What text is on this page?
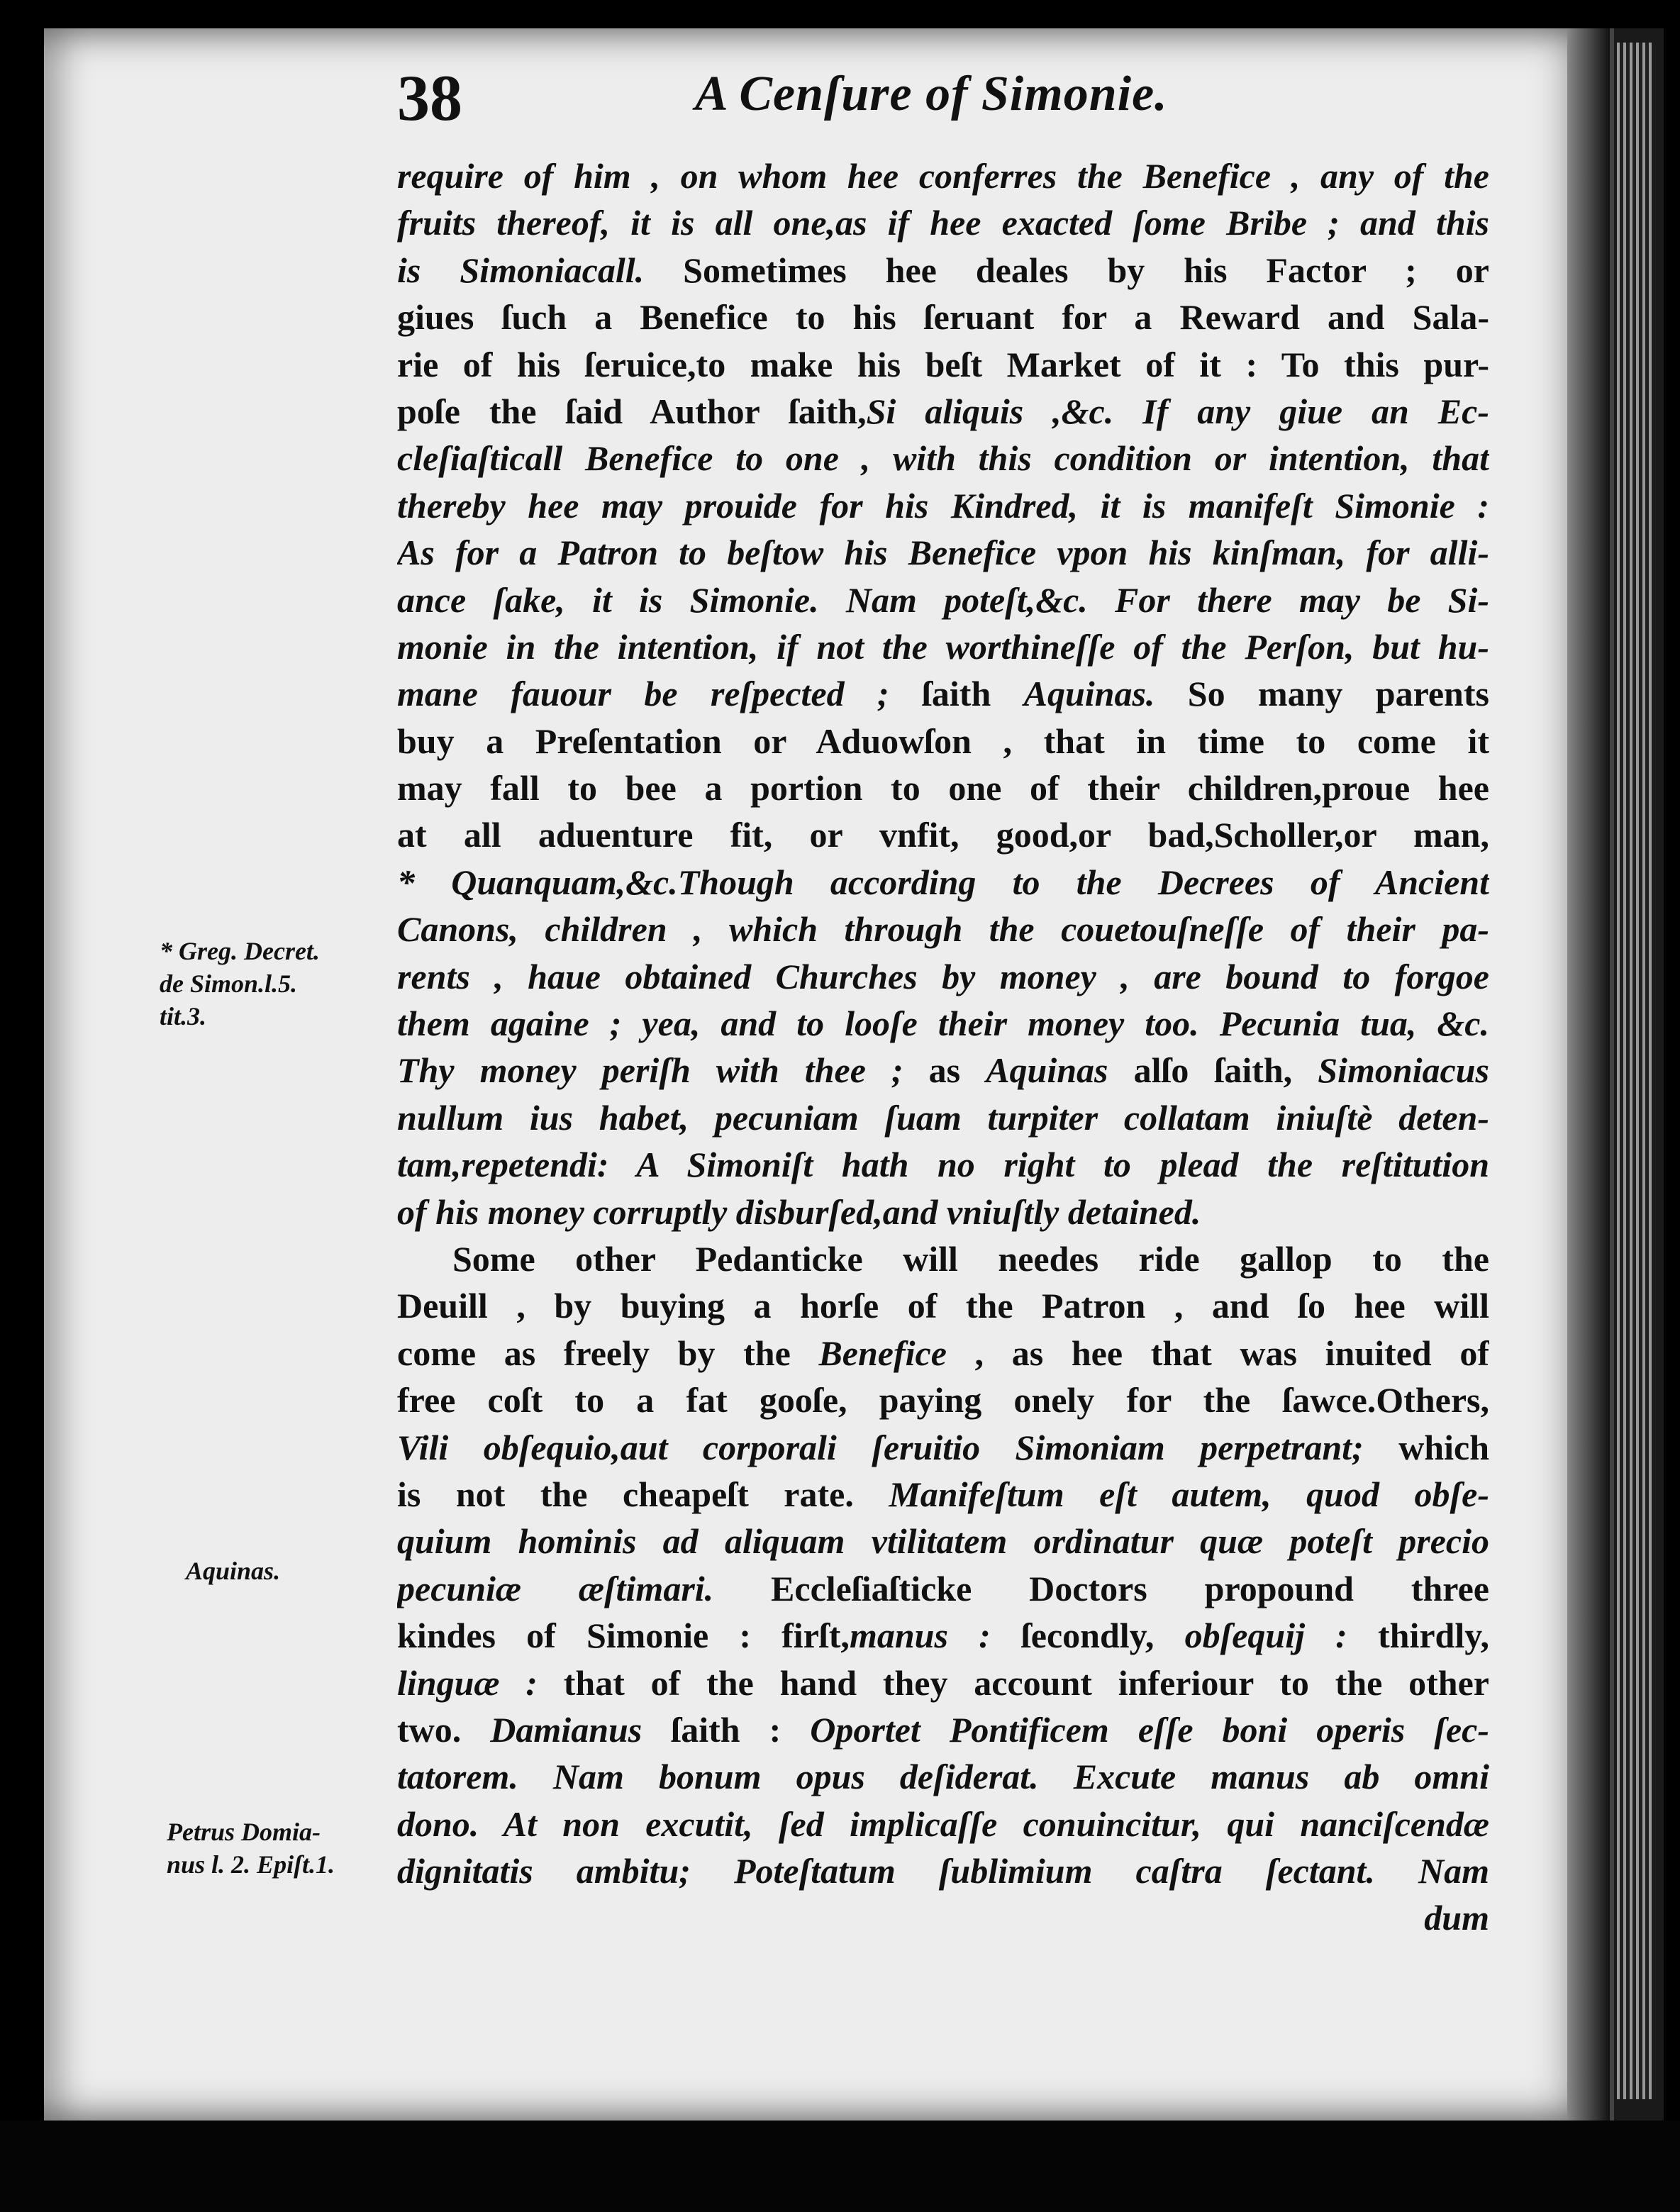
38	A Cenſure of Simonie.
require of him , on whom hee conferres the Benefice , any of the
fruits thereof, it is all one,as if hee exacted ſome Bribe ; and this
is Simoniacall. Sometimes hee deales by his Factor ; or
giues ſuch a Benefice to his ſeruant for a Reward and Sala-
rie of his ſeruice,to make his beſt Market of it : To this pur-
poſe the ſaid Author ſaith,Si aliquis ,&c. If any giue an Ec-
cleſiaſticall Benefice to one , with this condition or intention, that
thereby hee may prouide for his Kindred, it is manifeſt Simonie :
As for a Patron to beſtow his Benefice vpon his kinſman, for alli-
ance ſake, it is Simonie. Nam poteſt,&c. For there may be Si-
monie in the intention, if not the worthineſſe of the Perſon, but hu-
mane fauour be reſpected ; ſaith Aquinas. So many parents
buy a Preſentation or Aduowſon , that in time to come it
may fall to bee a portion to one of their children,proue hee
at all aduenture fit, or vnfit, good,or bad,Scholler,or man,
* Quanquam,&c.Though according to the Decrees of Ancient
Canons, children , which through the couetouſneſſe of their pa-
rents , haue obtained Churches by money , are bound to forgoe
them againe ; yea, and to looſe their money too. Pecunia tua, &c.
Thy money periſh with thee ; as Aquinas alſo ſaith, Simoniacus
nullum ius habet, pecuniam ſuam turpiter collatam iniuſtè deten-
tam,repetendi: A Simoniſt hath no right to plead the reſtitution
of his money corruptly disburſed,and vniuſtly detained.
Some other Pedanticke will needes ride gallop to the
Deuill , by buying a horſe of the Patron , and ſo hee will
come as freely by the Benefice , as hee that was inuited of
free coſt to a fat gooſe, paying onely for the ſawce.Others,
Vili obſequio,aut corporali ſeruitio Simoniam perpetrant; which
is not the cheapeſt rate. Manifeſtum eſt autem, quod obſe-
quium hominis ad aliquam vtilitatem ordinatur quæ poteſt precio
pecuniæ æſtimari. Eccleſiaſticke Doctors propound three
kindes of Simonie : firſt,manus : ſecondly, obſequij : thirdly,
linguæ : that of the hand they account inferiour to the other
two. Damianus ſaith : Oportet Pontificem eſſe boni operis ſec-
tatorem. Nam bonum opus deſiderat. Excute manus ab omni
dono. At non excutit, ſed implicaſſe conuincitur, qui nanciſcendæ
dignitatis ambitu; Poteſtatum ſublimium caſtra ſectant. Nam
dum
* Greg. Decret.
de Simon.l.5.
tit.3.
Aquinas.
Petrus Domia-
nus l. 2. Epiſt.1.
